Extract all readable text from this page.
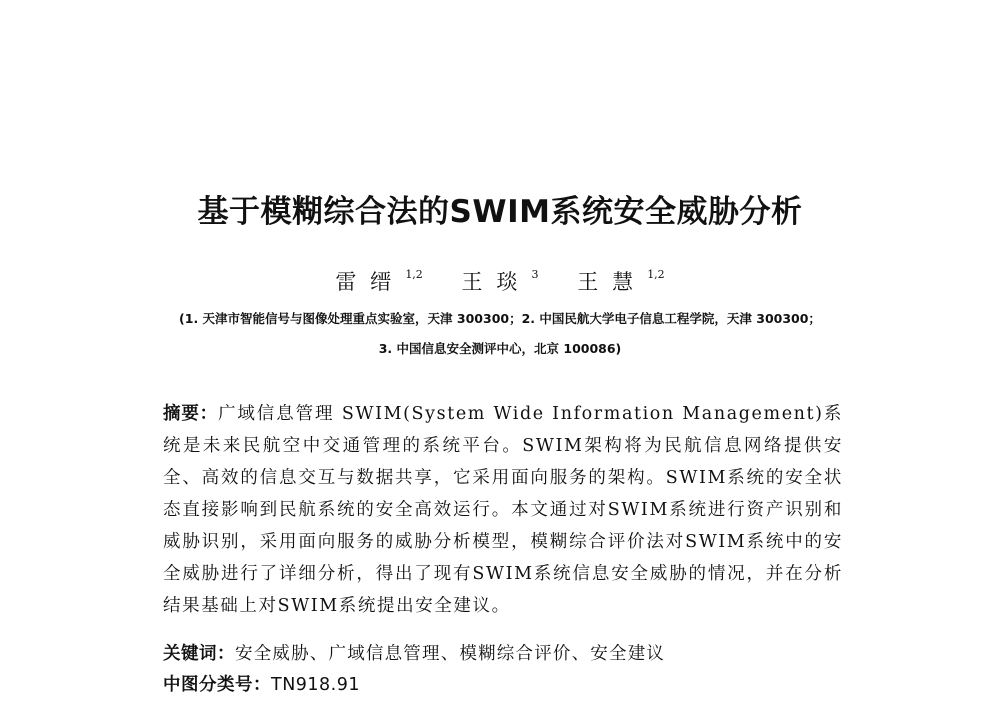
基于模糊综合法的SWIM系统安全威胁分析
雷缙$^{1,2}$ 王琰$^3$ 王慧$^{1,2}$
(1. 天津市智能信号与图像处理重点实验室，天津 300300；2. 中国民航大学电子信息工程学院，天津 300300；
3. 中国信息安全测评中心，北京 100086)
摘要：广域信息管理 SWIM(System Wide Information Management)系统是未来民航空中交通管理的系统平台。SWIM架构将为民航信息网络提供安全、高效的信息交互与数据共享，它采用面向服务的架构。SWIM系统的安全状态直接影响到民航系统的安全高效运行。本文通过对SWIM系统进行资产识别和威胁识别，采用面向服务的威胁分析模型，模糊综合评价法对SWIM系统中的安全威胁进行了详细分析，得出了现有SWIM系统信息安全威胁的情况，并在分析结果基础上对SWIM系统提出安全建议。
关键词：安全威胁、广域信息管理、模糊综合评价、安全建议
中图分类号：TN918.91
